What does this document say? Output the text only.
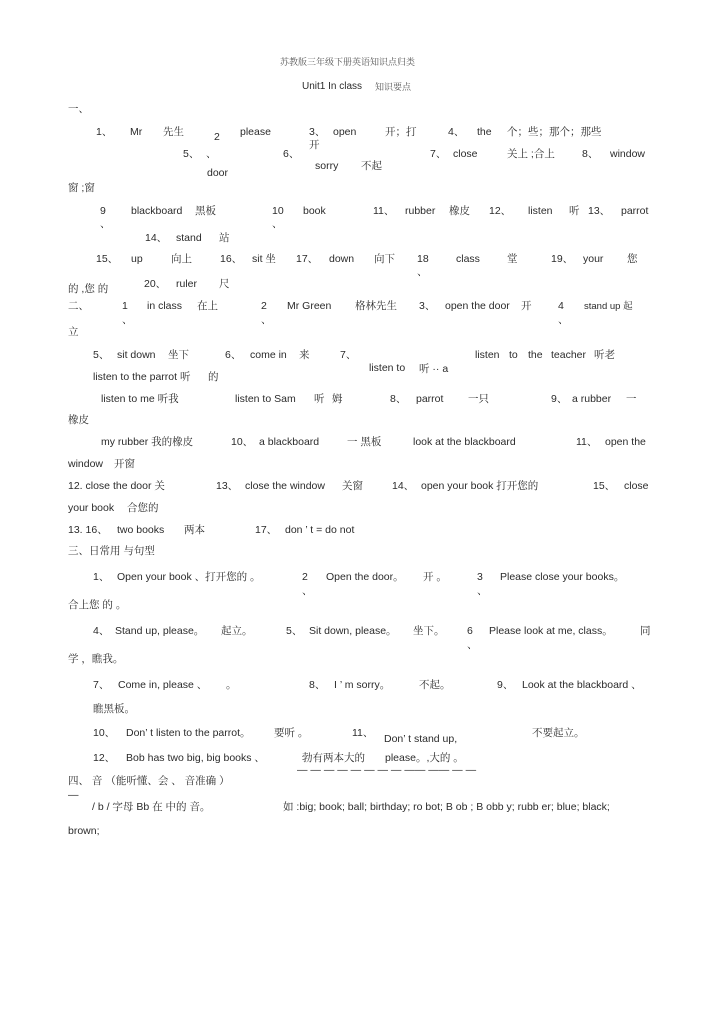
苏教版三年级下册英语知识点归类
Unit1 In class 知识要点
一、
1、 Mr 先生	2 please	3、 open	开；打	4、 the 个；些；那个；那些
开
5、 、	6、
sorry 不起
7、 close	关上 ;合上	8、 window
door
窗 ;窗
9 blackboard 黑板	10 book	11、 rubber 橡皮 12、 listen 听 13、 parrot
、	、
14、 stand 站
15、 up	向上	16、 sit 坐 17、 down 向下 18	class	堂	19、 your 您
、
的 ,您 的	20、 ruler 尺
二、	1 in class 在上	2 Mr Green 格林先生 3、 open the door 开	4 stand up 起
、	、	、
立
5、 sit down 坐下	6、 come in 来	7、	listen to the teacher 听老
listen to 听 ·· a
listen to the parrot 听 的
listen to me 听我	listen to Sam 听 姆	8、 parrot 一只	9、 a rubber 一
橡皮
my rubber 我的橡皮	10、 a blackboard	一 黑板	look at the blackboard	11、 open the
window 开窗
12. close the door 关	13、 close the window 关窗	14、 open your book 打开您的	15、 close
your book 合您的
13. 16、 two books 两本	17、 don ’ t = do not
三、日常用 与句型
1、 Open your book 、打开您的 。	2 Open the door。 开 。	3 Please close your books。
、	、
合上您 的 。
4、 Stand up, please。 起立。	5、 Sit down, please。 坐下。 6 Please look at me, class。	同
、
学 ，瞧我。
7、 Come in, please 、 。	8、 I ’ m sorry。	不起。	9、 Look at the blackboard 、
瞧黑板。
10、 Don’ t listen to the parrot。 要听 。	11、 Don’ t stand up,	不要起立。
12、 Bob has two big, big books 、	勃有两本大的 please。,大的 。
— — — — — — — — —— —— — —
四、 音 （能听懂、会 、 音准确 ）
—
/ b / 字母 Bb 在 中的 音。	如 :big; book; ball; birthday; ro bot; B ob ; B obb y; rubb er; blue; black;
brown;
